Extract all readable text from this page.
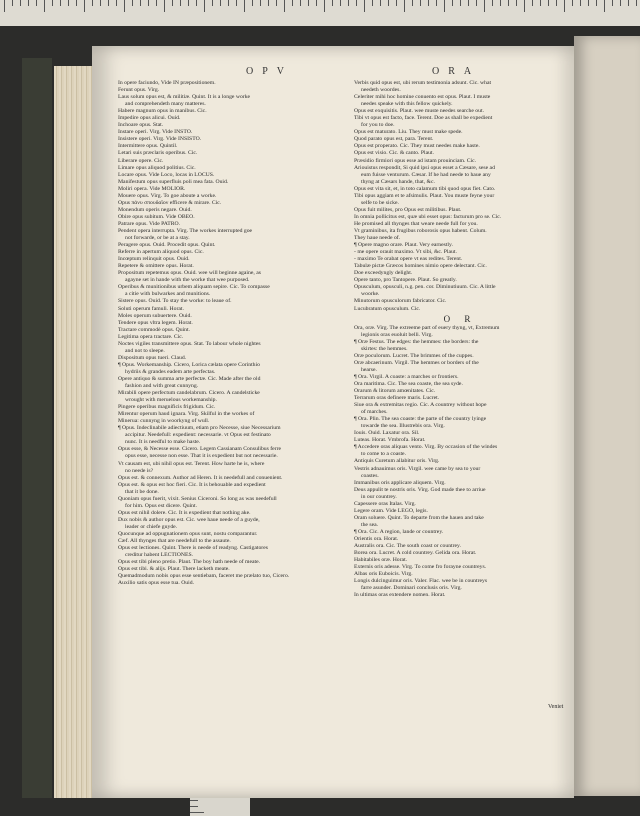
OPV	ORA
In opere faciundo, Vide IN præpositionem.
Ferunt opus. Virg.
Laus solum opus est, & militiæ. Quint. It is a longe worke
and comprehendeth many matteres.
Habere magnum opus in manibus. Cic.
Impedire opus alicui. Ouid.
Inchoare opus. Stat.
Instare operi. Virg. Vide INSTO.
Insistere operi. Virg. Vide INSISTO.
Intermittere opus. Quintil.
Letari suis præclaris operibus. Cic.
Liberare opere. Cic.
Limare opus aliquod politius. Cic.
Locare opus. Vide Loco, locas in LOCUS.
Manifestum opus superfluis poli mea fata. Ouid.
Moliri opera. Vide MOLIOR.
Mouere opus. Virg. To goe aboute a worke.
Opus πάνυ σπουδαῖον efficere & mirare. Cic.
Monendum operis negare. Ouid.
Obire opus subitum. Vide OBEO.
Patrare opus. Vide PATRO.
Pendent opera interrupta. Virg. The workes interrupted goe
not forwarde, or be at a stay.
Peragere opus. Ouid. Procedit opus. Quint.
Referre in apertum aliquod opus. Cic.
Incœptum relinquit opus. Ouid.
Repetere & omittere opus. Horat.
Propositum repetemus opus. Ouid. wee will beginne againe, as
agayne set in hande with the worke that wee purposed.
Operibus & munitionibus urbem aliquam sepire. Cic. To compasse
a citie with bulwarkes and munitions.
Sistere opus. Ouid. To stay the worke: to leaue of.
Soluti operum famuli. Horat.
Moles operum subuertere. Ouid.
Tendere opus vltra legem. Horat.
Tractare commodè opus. Quint.
Legitima opera tractare. Cic.
Noctes vigiles transmittere opus. Stat. To labour whole nightes
and not to sleepe.
Dispositum opus tueri. Claud.
¶ Opus. Workemanship. Cicero, Lorica cælata opere Corinthio
hydriis & grandes eadem arte perfectas.
Opere antiquo & summa arte perfectæ. Cic. Made after the old
fashion and with great cunnyng.
Mirabili opere perfectum candelabrum. Cicero. A candelsticke
wrought with meruelous workemanship.
Pingere operibus magnificis frigidum. Cic.
Mirentur operum haud ignara. Virg. Skilful in the workes of
Minerua: cunnyng in woorkyng of wull.
¶ Opus. Indeclinabile adiectiuum, etiam pro Necesse, siue Necessarium
accipitur. Needefull: expedient: necessarie. vt Opus est festinato
nunc. It is needful to make haste.
Opus esse, & Necesse esse. Cicero. Legem Cassianam Consulibus ferre
opus esse, necesse non esse. That it is expedient but not necessarie.
Vt causam est, ubi nihil opus est. Terent. How harte he is, where
no neede is?
Opus est. & connexum. Author ad Heren. It is needefull and conuenient.
Opus est. & opus est hoc fieri. Cic. It is behouable and expedient
that it be done.
Quoniam opus fuerit, vixit. Senius Ciceroni. So long as was needefull
for him. Opus est dicere. Quint.
Opus est nihil dolere. Cic. It is expedient that nothing ake.
Dux nobis & author opus est. Cic. wee haue neede of a guyde,
leader or chiefe guyde.
Quocunque ad oppugnationem opus sunt, nostu comparantur.
Cæf. All thynges that are needefull to the assaute.
Opus est lectiones. Quint. There is neede of readyng. Castigatores
creditur habent LECTIONES.
Opus est tibi pleno pretio. Plaut. The boy hath neede of meate.
Opus est tibi. & alijs. Plaut. There lacketh meate.
Quemadmodum nobis opus esse sentiebam, faceret me prælato tuo, Cicero.
Auxilio satis opus esse tua. Ouid.
Verbis quid opus est, ubi rerum testimonia adsunt. Cic. what
needeth woordes.
Celeriter mihi hoc homine conuento est opus. Plaut. I muste
needes speake with this fellow quickely.
Opus est exquisitis. Plaut. wee muste needes searche out.
Tibi vt opus est facto, face. Terent. Doe as shall be expedient
for you to doe.
Opus est maturato. Liu. They must make spede.
Quod parato opus est, para. Terent.
Opus est properato. Cic. They must needes make haste.
Opus est visio. Cic. & canto. Plaut.
Præsidio firmiori opus esse ad istam prouinciam. Cic.
Ariouistus respondit, Si quid ipsi opus esset a Cæsare, sese ad
eum fuisse venturum. Cæsar. If he had neede to haue any
thyng at Cæsars hande, that, &c.
Opus est vita sit, et, in toto calamum tibi quod opus fiet. Cato.
Tibi opus aggiam et te afsimulis. Plaut. You muste feyne your
selfe to be sicke.
Opus fuit milites, pro Opus est militibus. Plaut.
In omnia pollicitus est, quæ ubi esset opus: facturum pro se. Cic.
He promised all thynges that weare neede full for you.
Vt graminibus, ita frugibus roborosis opus habent. Colum.
They haue neede of.
¶ Opere magno orare. Plaut. Very earnestly.
- me opere orauit maximo. Vt sibi, &c. Plaut.
- maximo Te orabat opere vt eas redites. Terent.
Tabulæ pictæ Græcos homines nimio opere delectant. Cic.
Doe exceedyngly delight.
Opere tanto, pro Tantopere. Plaut. So greatly.
Opusculum, opusculi, n.g. pen. cor. Diminutiuum. Cic. A little
woorke.
Minutorum opusculorum fabricator. Cic.
Lucubratum opusculum. Cic.
O R
Ora, oræ. Virg. The extreeme part of euery thyng, vt, Extremum
legionis oras euoluit belli. Virg.
¶ Oræ Festus. The edges: the hemmes: the borders: the
skirtes: the hemmes.
Oræ poculorum. Lucret. The brimmes of the cuppes.
Oræ abcaerinum. Virgil. The hemmes or borders of the
hearse.
¶ Ora. Virgil. A coaste: a marches or frontiers.
Ora maritima. Cic. The sea coaste, the sea syde.
Orarum & litorum amœnitates. Cic.
Terrarum oras definere maris. Lucret.
Siue ora & extremitas regio. Cic. A countrey without hope
of marches.
¶ Ora. Plin. The sea coaste: the parte of the country lyinge
towarde the sea. Illustrebis ora. Virg.
Iouis. Ouid. Laxatur ora. Sil.
Luteas. Horat. Vmbrofa. Horat.
¶ Accedere oras aliquas vento. Virg. By occasion of the windes
to come to a coaste.
Antiquis Curetum allabitur oris. Virg.
Vestris adnauimus oris. Virgil. wee came by sea to your
coastes.
Immanibus oris applicare aliquem. Virg.
Deus appulit te nostris oris. Virg. God made thee to arriue
in our countrey.
Capessere oras Italas. Virg.
Legere oram. Vide LEGO, legis.
Oram soluere. Quint. To departe from the hauen and take
the sea.
¶ Ora. Cic. A region, lande or countrey.
Orientis ora. Horat.
Australis ora. Cic. The south coast or countrey.
Borea ora. Lucret. A cold countrey. Gelida ora. Horat.
Habitabiles oræ. Horat.
Externis oris adesse. Virg. To come fro forayne countreys.
Albas oris Euboicis. Virg.
Longis dulcinguimur oris. Valer. Flac. wee be in countreys
farre asunder. Dominari conclusis oris. Virg.
In ultimas oras extendere nomen. Horat.
Veniet
